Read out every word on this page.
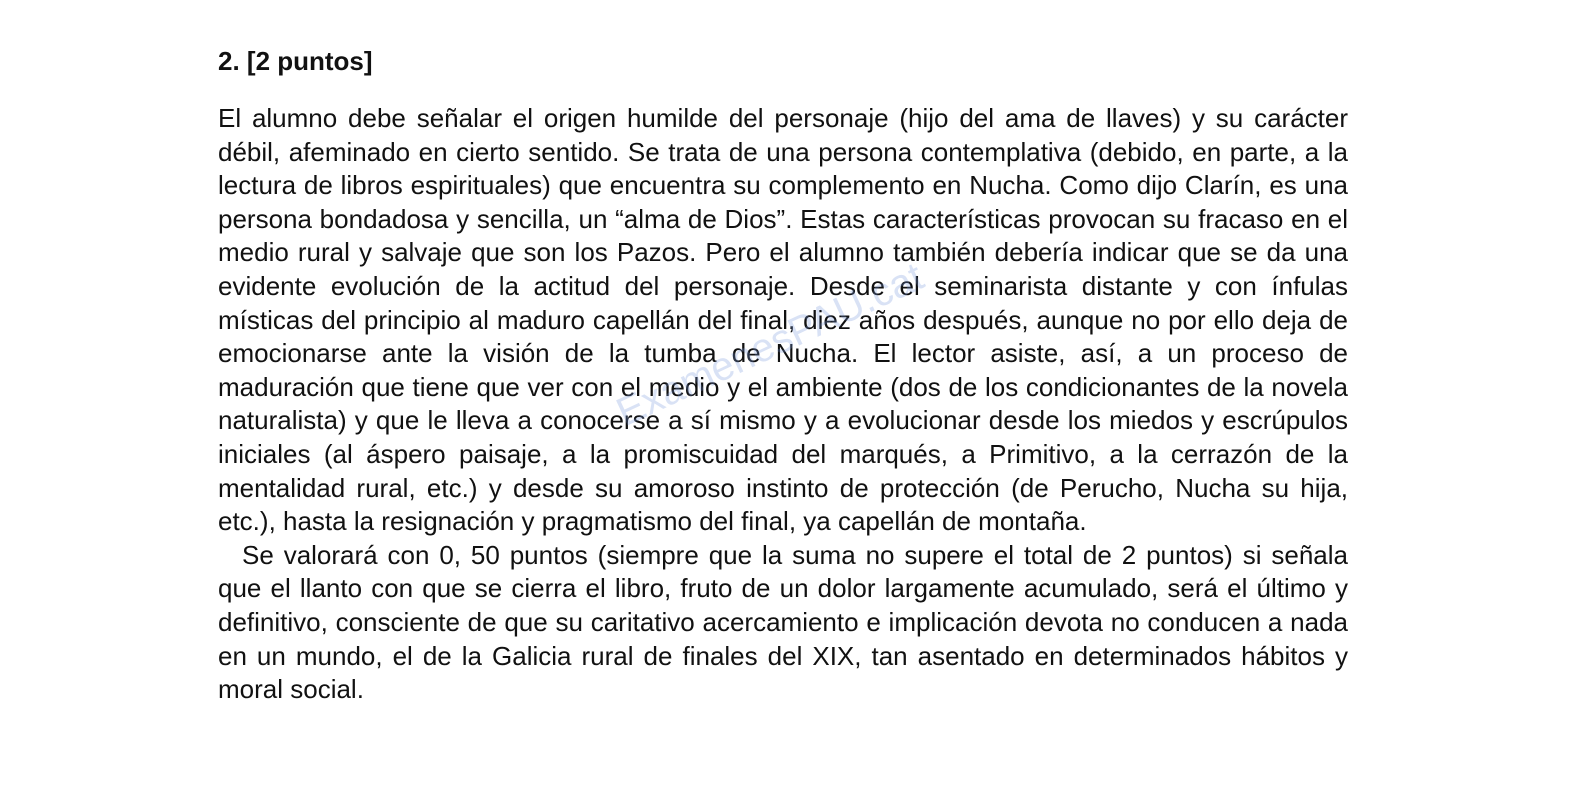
2. [2 puntos]

El alumno debe señalar el origen humilde del personaje (hijo del ama de llaves) y su carácter débil, afeminado en cierto sentido. Se trata de una persona contemplativa (debido, en parte, a la lectura de libros espirituales) que encuentra su complemento en Nucha. Como dijo Clarín, es una persona bondadosa y sencilla, un “alma de Dios”. Estas características provocan su fracaso en el medio rural y salvaje que son los Pazos. Pero el alumno también debería indicar que se da una evidente evolución de la actitud del personaje. Desde el seminarista distante y con ínfulas místicas del principio al maduro capellán del final, diez años después, aunque no por ello deja de emocionarse ante la visión de la tumba de Nucha. El lector asiste, así, a un proceso de maduración que tiene que ver con el medio y el ambiente (dos de los condicionantes de la novela naturalista) y que le lleva a conocerse a sí mismo y a evolucionar desde los miedos y escrúpulos iniciales (al áspero paisaje, a la promiscuidad del marqués, a Primitivo, a la cerrazón de la mentalidad rural, etc.) y desde su amoroso instinto de protección (de Perucho, Nucha su hija, etc.), hasta la resignación y pragmatismo del final, ya capellán de montaña.

Se valorará con 0, 50 puntos (siempre que la suma no supere el total de 2 puntos) si señala que el llanto con que se cierra el libro, fruto de un dolor largamente acumulado, será el último y definitivo, consciente de que su caritativo acercamiento e implicación devota no conducen a nada en un mundo, el de la Galicia rural de finales del XIX, tan asentado en determinados hábitos y moral social.

ExamenesPAU.cat
